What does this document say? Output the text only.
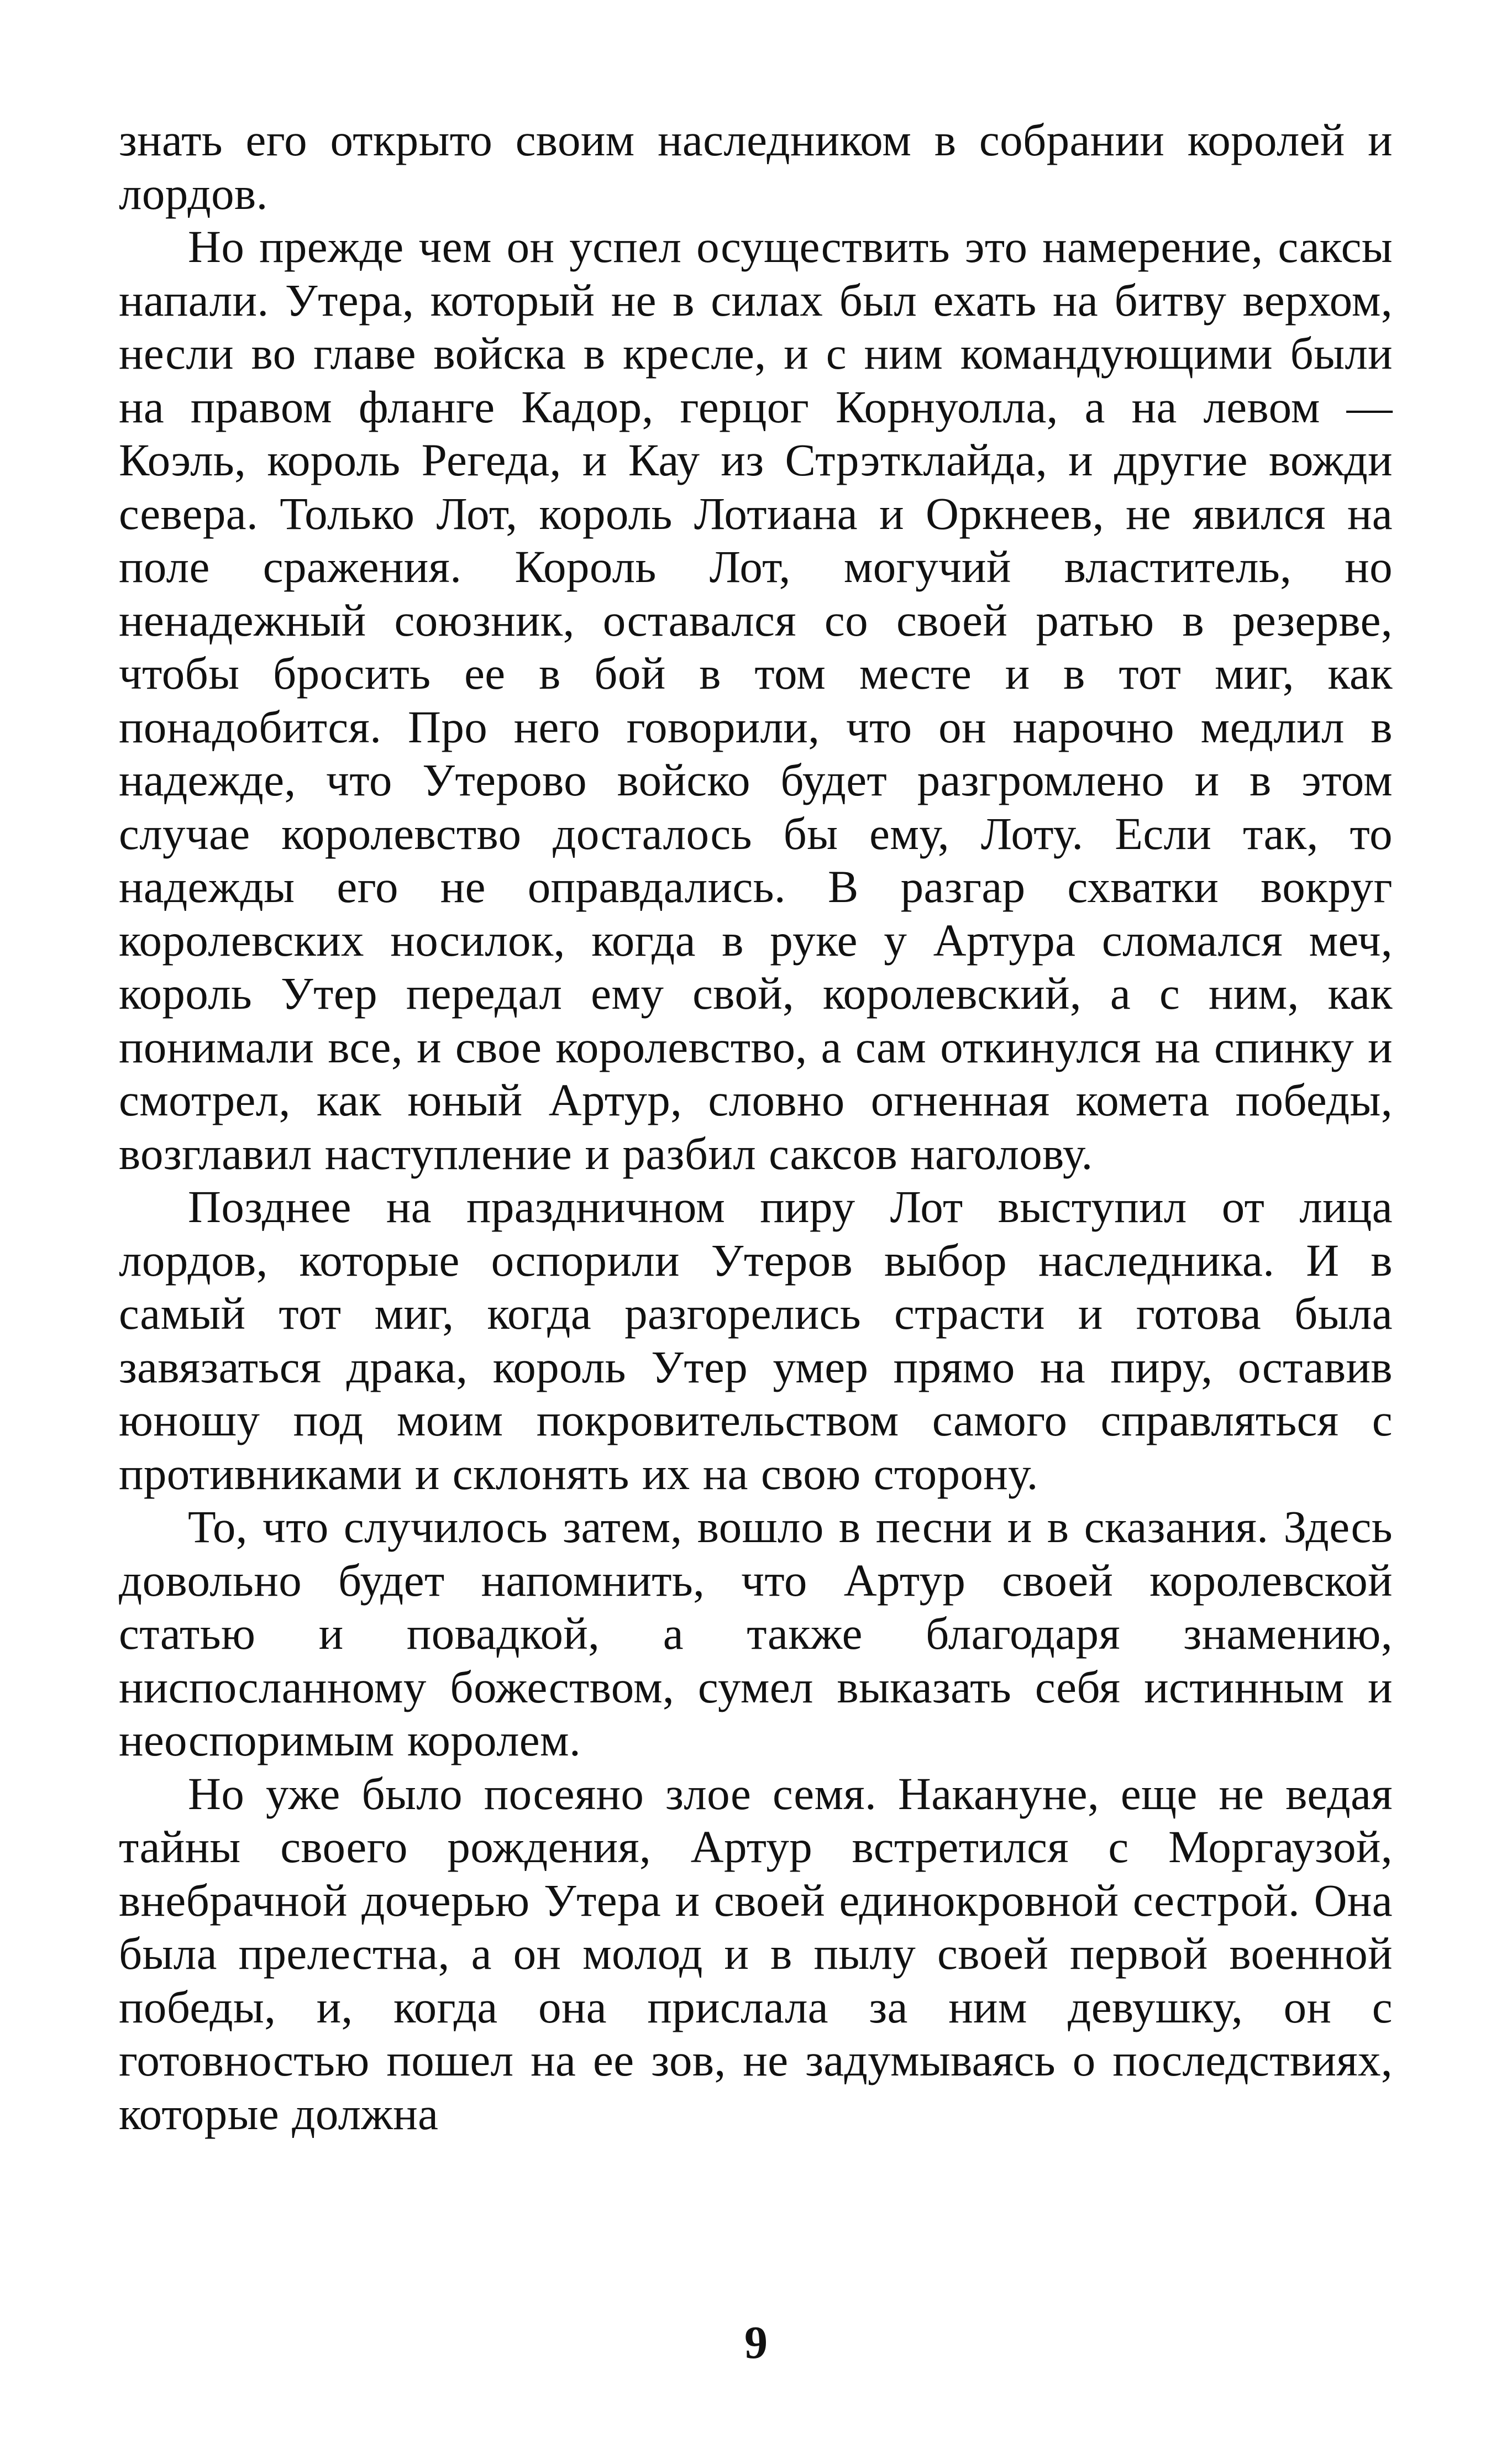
знать его открыто своим наследником в собрании королей и лордов.

Но прежде чем он успел осуществить это намерение, саксы напали. Утера, который не в силах был ехать на битву верхом, несли во главе войска в кресле, и с ним командующими были на правом фланге Кадор, герцог Корнуолла, а на левом — Коэль, король Регеда, и Кау из Стрэтклайда, и другие вожди севера. Только Лот, король Лотиана и Оркнеев, не явился на поле сражения. Король Лот, могучий властитель, но ненадежный союзник, оставался со своей ратью в резерве, чтобы бросить ее в бой в том месте и в тот миг, как понадобится. Про него говорили, что он нарочно медлил в надежде, что Утерово войско будет разгромлено и в этом случае королевство досталось бы ему, Лоту. Если так, то надежды его не оправдались. В разгар схватки вокруг королевских носилок, когда в руке у Артура сломался меч, король Утер передал ему свой, королевский, а с ним, как понимали все, и свое королевство, а сам откинулся на спинку и смотрел, как юный Артур, словно огненная комета победы, возглавил наступление и разбил саксов наголову.

Позднее на праздничном пиру Лот выступил от лица лордов, которые оспорили Утеров выбор наследника. И в самый тот миг, когда разгорелись страсти и готова была завязаться драка, король Утер умер прямо на пиру, оставив юношу под моим покровительством самого справляться с противниками и склонять их на свою сторону.

То, что случилось затем, вошло в песни и в сказания. Здесь довольно будет напомнить, что Артур своей королевской статью и повадкой, а также благодаря знамению, ниспосланному божеством, сумел выказать себя истинным и неоспоримым королем.

Но уже было посеяно злое семя. Накануне, еще не ведая тайны своего рождения, Артур встретился с Моргаузой, внебрачной дочерью Утера и своей единокровной сестрой. Она была прелестна, а он молод и в пылу своей первой военной победы, и, когда она прислала за ним девушку, он с готовностью пошел на ее зов, не задумываясь о последствиях, которые должна

9
